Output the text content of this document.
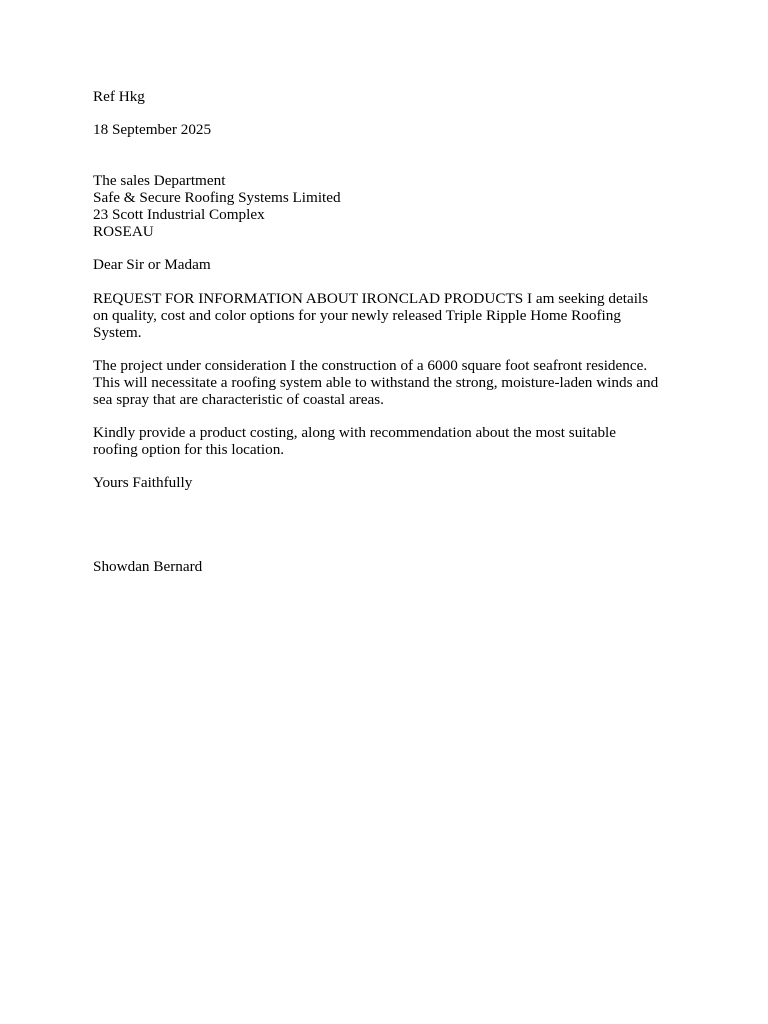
Ref Hkg

18 September 2025

The sales Department
Safe & Secure Roofing Systems Limited
23 Scott Industrial Complex
ROSEAU

Dear Sir or Madam

REQUEST FOR INFORMATION ABOUT IRONCLAD PRODUCTS I am seeking details
on quality, cost and color options for your newly released Triple Ripple Home Roofing
System.
The project under consideration I the construction of a 6000 square foot seafront residence.
This will necessitate a roofing system able to withstand the strong, moisture-laden winds and
sea spray that are characteristic of coastal areas.
Kindly provide a product costing, along with recommendation about the most suitable
roofing option for this location.

Yours Faithfully

Showdan Bernard
